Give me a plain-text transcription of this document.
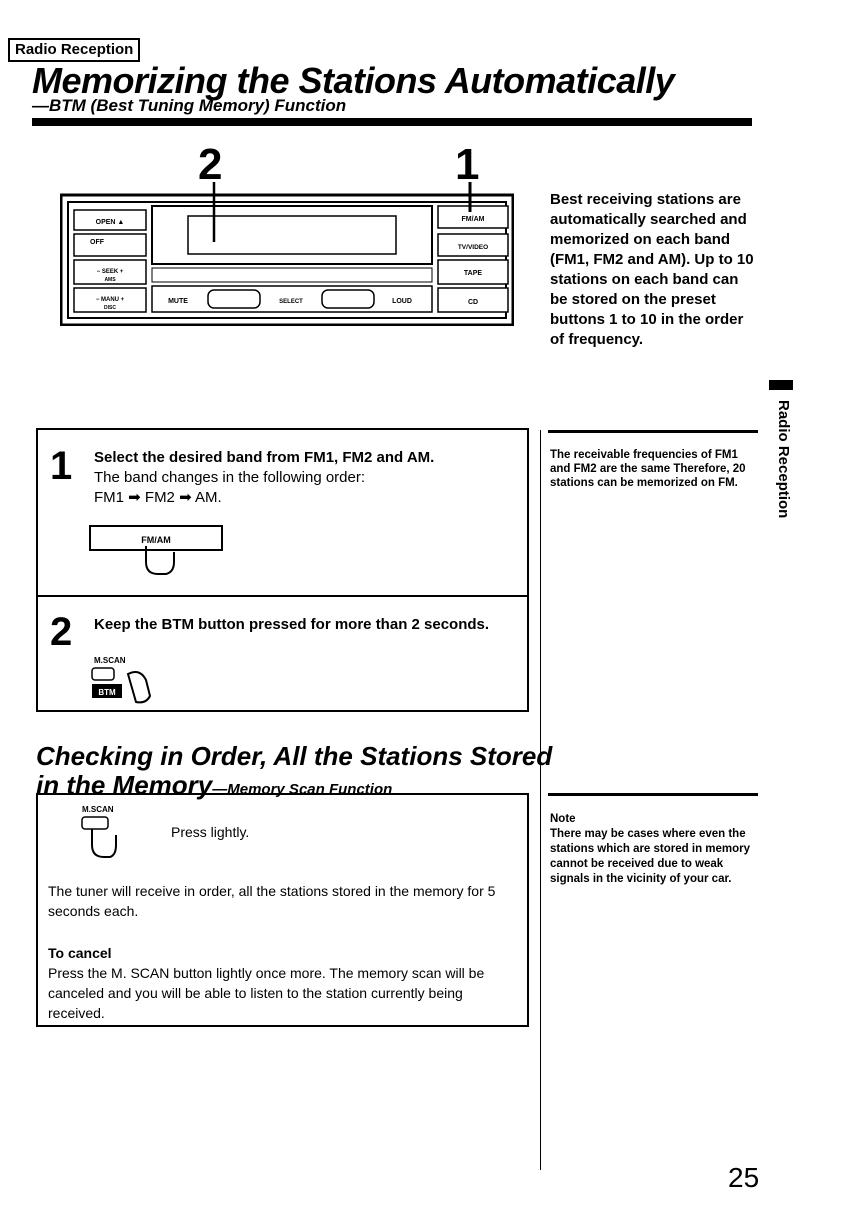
Radio Reception
Memorizing the Stations Automatically
—BTM (Best Tuning Memory) Function
2	1
OPEN ▲
OFF
− SEEK +
AMS
− MANU +
DISC
MUTE	SELECT	LOUD
FM/AM
TV/VIDEO
TAPE
CD
Best receiving stations are automatically searched and memorized on each band (FM1, FM2 and AM). Up to 10 stations on each band can be stored on the preset buttons 1 to 10 in the order of frequency.
Radio Reception
The receivable frequencies of FM1 and FM2 are the same Therefore, 20 stations can be memorized on FM.
1 Select the desired band from FM1, FM2 and AM.
The band changes in the following order:
FM1 ➡ FM2 ➡ AM.
FM/AM
2 Keep the BTM button pressed for more than 2 seconds.
M.SCAN
BTM
Checking in Order, All the Stations Stored
in the Memory—Memory Scan Function
M.SCAN
Press lightly.
The tuner will receive in order, all the stations stored in the memory for 5 seconds each.
To cancel
Press the M. SCAN button lightly once more. The memory scan will be canceled and you will be able to listen to the station currently being received.
Note
There may be cases where even the stations which are stored in memory cannot be received due to weak signals in the vicinity of your car.
25
